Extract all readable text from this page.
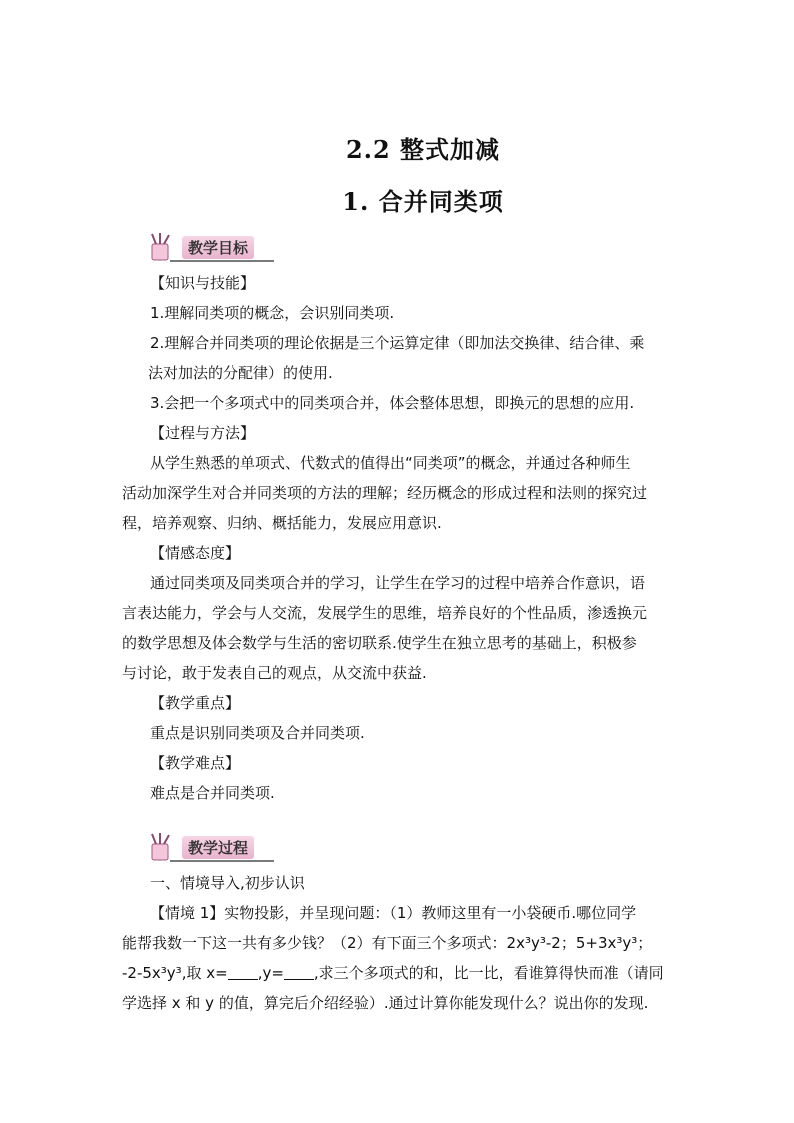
2.2 整式加减
1. 合并同类项
教学目标

【知识与技能】

1.理解同类项的概念，会识别同类项.

2.理解合并同类项的理论依据是三个运算定律（即加法交换律、结合律、乘

法对加法的分配律）的使用.

3.会把一个多项式中的同类项合并，体会整体思想，即换元的思想的应用.

【过程与方法】

从学生熟悉的单项式、代数式的值得出“同类项”的概念，并通过各种师生

活动加深学生对合并同类项的方法的理解；经历概念的形成过程和法则的探究过

程，培养观察、归纳、概括能力，发展应用意识.

【情感态度】

通过同类项及同类项合并的学习，让学生在学习的过程中培养合作意识，语

言表达能力，学会与人交流，发展学生的思维，培养良好的个性品质，渗透换元

的数学思想及体会数学与生活的密切联系.使学生在独立思考的基础上，积极参

与讨论，敢于发表自己的观点，从交流中获益.

【教学重点】

重点是识别同类项及合并同类项.

【教学难点】

难点是合并同类项.

教学过程

一、情境导入,初步认识

【情境 1】实物投影，并呈现问题：（1）教师这里有一小袋硬币.哪位同学

能帮我数一下这一共有多少钱？（2）有下面三个多项式：2x³y³-2；5+3x³y³；

-2-5x³y³,取 x= ,y= ,求三个多项式的和，比一比，看谁算得快而准（请同

学选择 x 和 y 的值，算完后介绍经验）.通过计算你能发现什么？说出你的发现.
